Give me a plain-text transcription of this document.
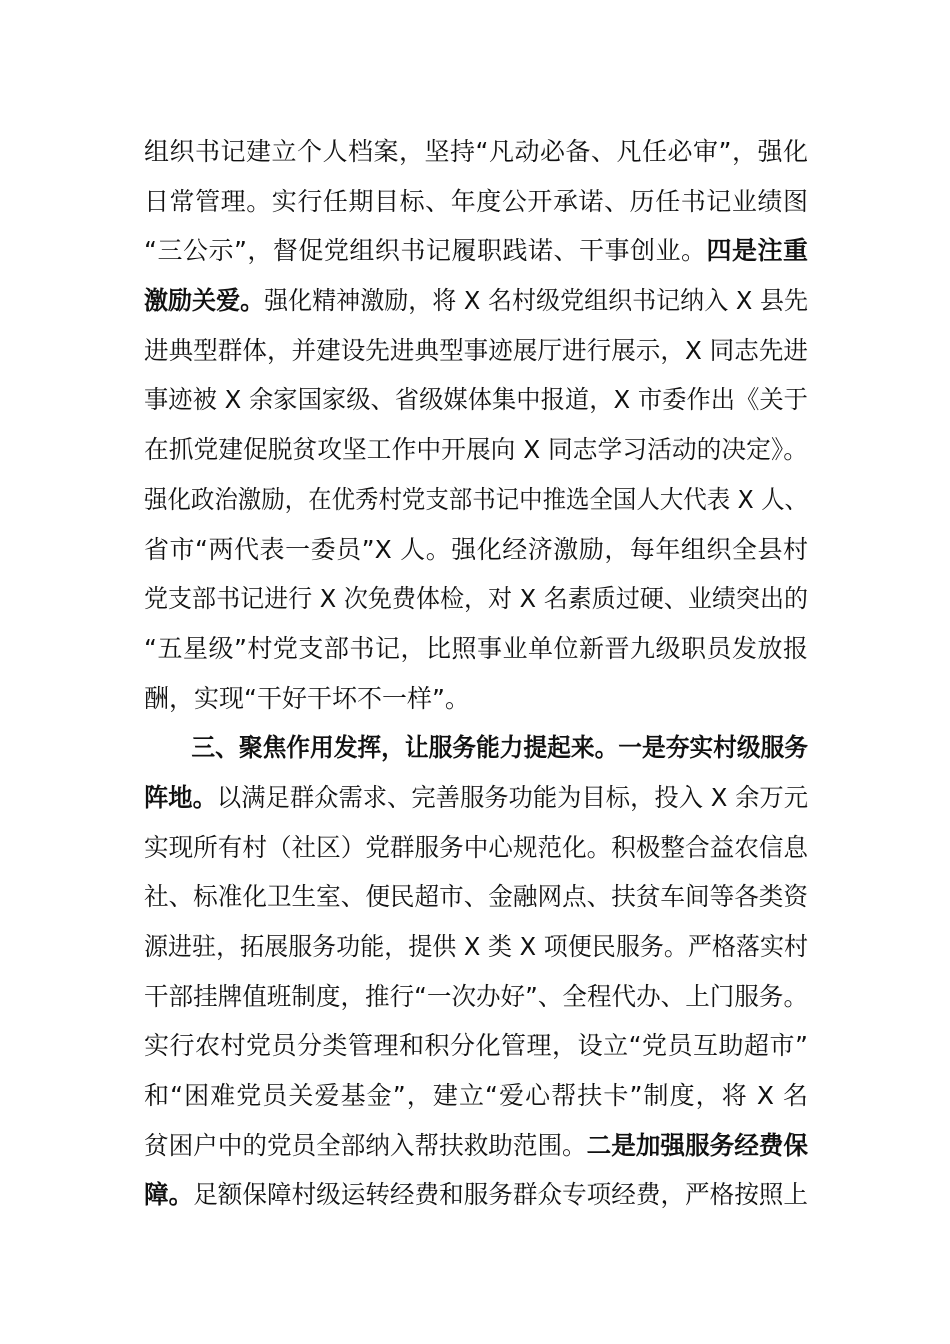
组织书记建立个人档案，坚持“凡动必备、凡任必审”，强化
日常管理。实行任期目标、年度公开承诺、历任书记业绩图
“三公示”，督促党组织书记履职践诺、干事创业。四是注重
激励关爱。强化精神激励，将 X 名村级党组织书记纳入 X 县先
进典型群体，并建设先进典型事迹展厅进行展示，X 同志先进
事迹被 X 余家国家级、省级媒体集中报道，X 市委作出《关于
在抓党建促脱贫攻坚工作中开展向 X 同志学习活动的决定》。
强化政治激励，在优秀村党支部书记中推选全国人大代表 X 人、
省市“两代表一委员”X 人。强化经济激励，每年组织全县村
党支部书记进行 X 次免费体检，对 X 名素质过硬、业绩突出的
“五星级”村党支部书记，比照事业单位新晋九级职员发放报
酬，实现“干好干坏不一样”。
三、聚焦作用发挥，让服务能力提起来。一是夯实村级服务
阵地。以满足群众需求、完善服务功能为目标，投入 X 余万元
实现所有村（社区）党群服务中心规范化。积极整合益农信息
社、标准化卫生室、便民超市、金融网点、扶贫车间等各类资
源进驻，拓展服务功能，提供 X 类 X 项便民服务。严格落实村
干部挂牌值班制度，推行“一次办好”、全程代办、上门服务。
实行农村党员分类管理和积分化管理，设立“党员互助超市”
和“困难党员关爱基金”，建立“爱心帮扶卡”制度，将 X 名
贫困户中的党员全部纳入帮扶救助范围。二是加强服务经费保
障。足额保障村级运转经费和服务群众专项经费，严格按照上
